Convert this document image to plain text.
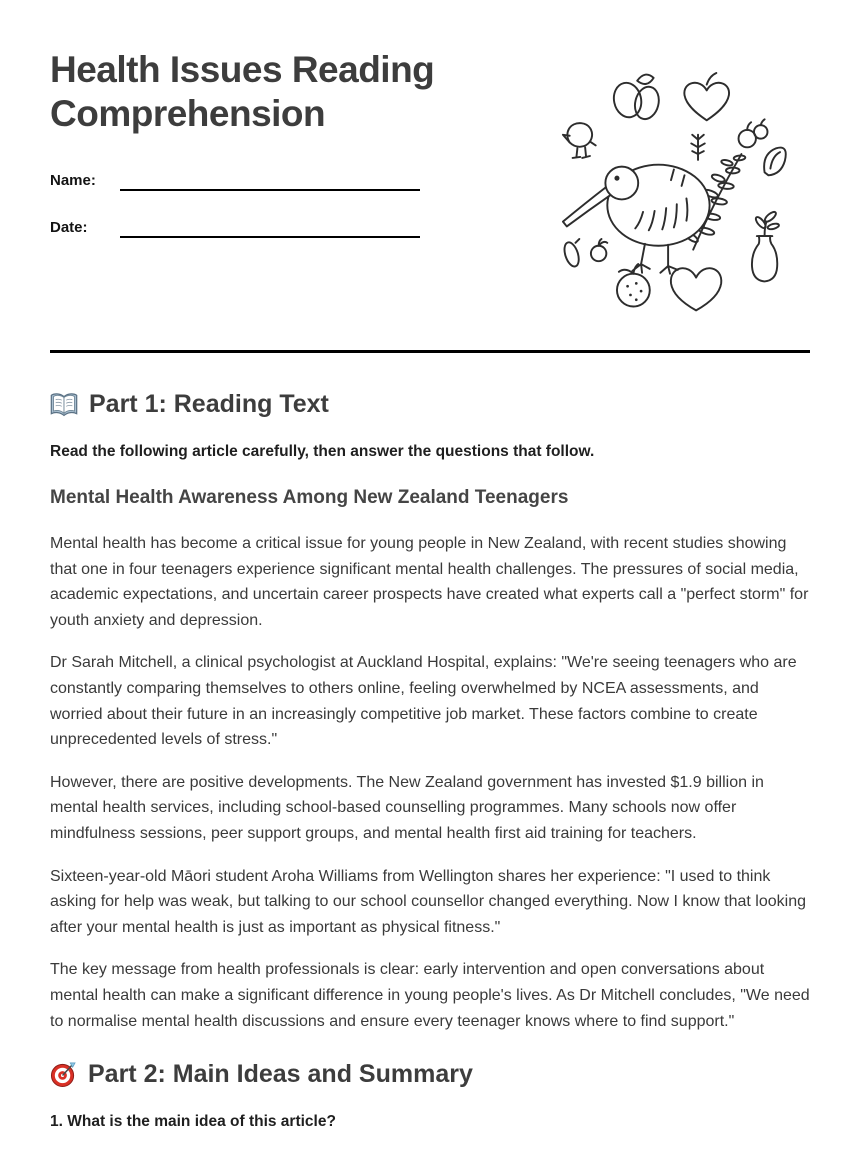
Health Issues Reading Comprehension
Name:
Date:
Part 1: Reading Text

Read the following article carefully, then answer the questions that follow.

Mental Health Awareness Among New Zealand Teenagers

Mental health has become a critical issue for young people in New Zealand, with recent studies showing that one in four teenagers experience significant mental health challenges. The pressures of social media, academic expectations, and uncertain career prospects have created what experts call a "perfect storm" for youth anxiety and depression.

Dr Sarah Mitchell, a clinical psychologist at Auckland Hospital, explains: "We're seeing teenagers who are constantly comparing themselves to others online, feeling overwhelmed by NCEA assessments, and worried about their future in an increasingly competitive job market. These factors combine to create unprecedented levels of stress."

However, there are positive developments. The New Zealand government has invested $1.9 billion in mental health services, including school-based counselling programmes. Many schools now offer mindfulness sessions, peer support groups, and mental health first aid training for teachers.

Sixteen-year-old Māori student Aroha Williams from Wellington shares her experience: "I used to think asking for help was weak, but talking to our school counsellor changed everything. Now I know that looking after your mental health is just as important as physical fitness."

The key message from health professionals is clear: early intervention and open conversations about mental health can make a significant difference in young people's lives. As Dr Mitchell concludes, "We need to normalise mental health discussions and ensure every teenager knows where to find support."

Part 2: Main Ideas and Summary

1. What is the main idea of this article?
